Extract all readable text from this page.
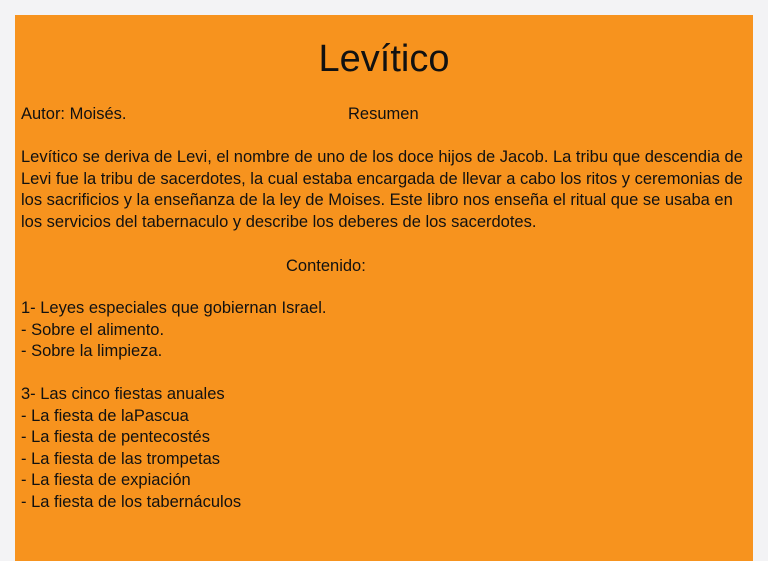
Levítico

Autor: Moisés.	Resumen

Levítico se deriva de Levi, el nombre de uno de los doce hijos de Jacob. La tribu que descendia de Levi fue la tribu de sacerdotes, la cual estaba encargada de llevar a cabo los ritos y ceremonias de los sacrificios y la enseñanza de la ley de Moises. Este libro nos enseña el ritual que se usaba en los servicios del tabernaculo y describe los deberes de los sacerdotes.

Contenido:

1- Leyes especiales que gobiernan Israel.
- Sobre el alimento.
- Sobre la limpieza.
3- Las cinco fiestas anuales
- La fiesta de laPascua
- La fiesta de pentecostés
- La fiesta de las trompetas
- La fiesta de expiación
- La fiesta de los tabernáculos
